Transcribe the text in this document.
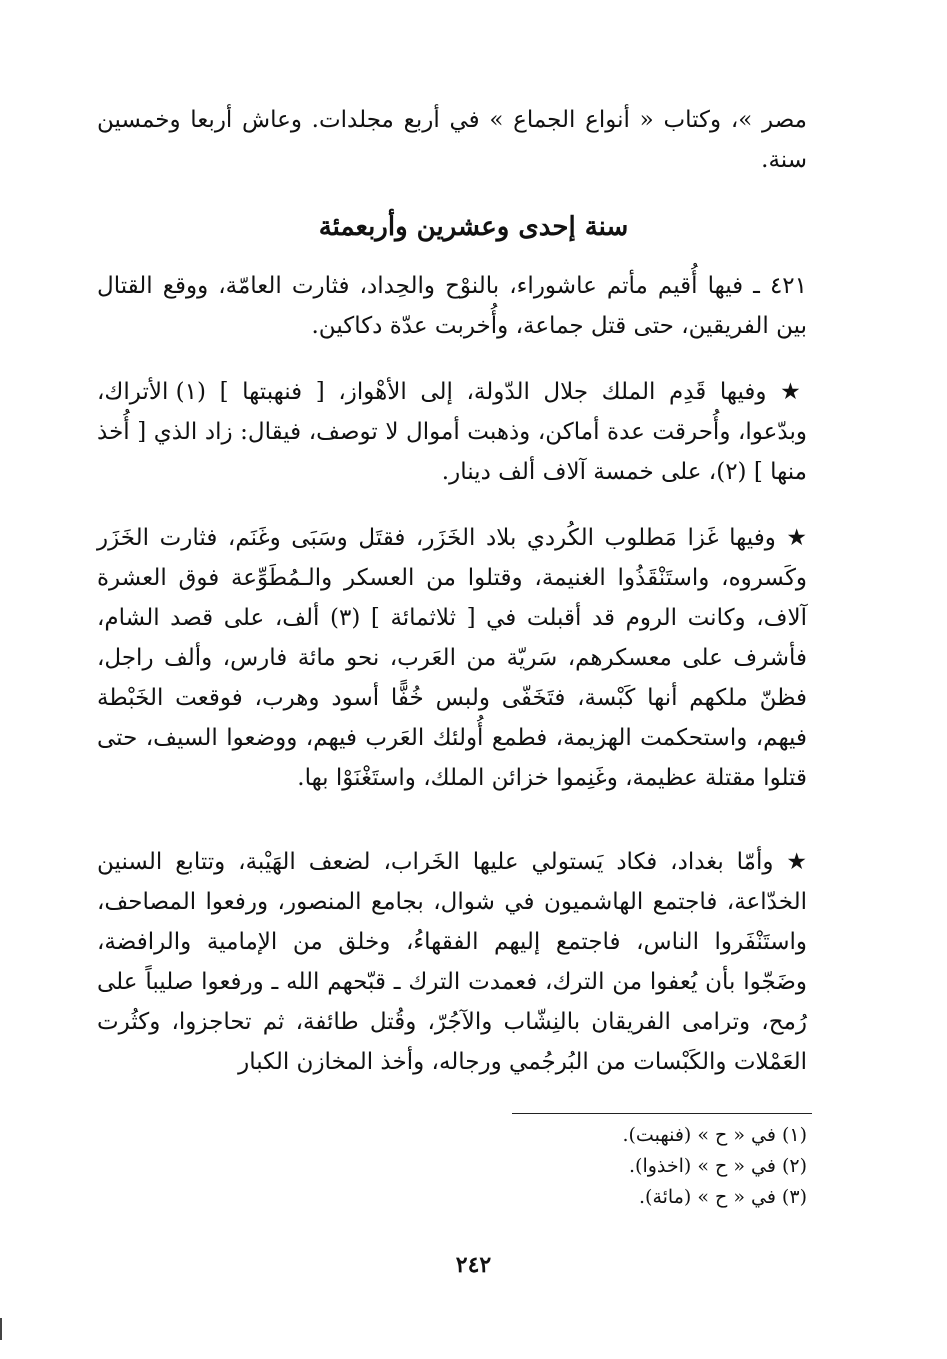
مصر »، وكتاب « أنواع الجماع » في أربع مجلدات. وعاش أربعا وخمسين سنة.

سنة إحدى وعشرين وأربعمئة

٤٢١ ـ فيها أُقيم مأتم عاشوراء، بالنوْح والحِداد، فثارت العامّة، ووقع القتال بين الفريقين، حتى قتل جماعة، وأُخربت عدّة دكاكين.

★ وفيها قَدِم الملك جلال الدّولة، إلى الأهْواز، [ فنهبتها ] (١) الأتراك، وبدّعوا، وأُحرقت عدة أماكن، وذهبت أموال لا توصف، فيقال: زاد الذي [ أُخذ منها ] (٢)، على خمسة آلاف ألف دينار.

★ وفيها غَزا مَطلوب الكُردي بلاد الخَزَر، فقتَل وسَبَى وغَنَم، فثارت الخَزَر وكَسروه، واستَنْقَذُوا الغنيمة، وقتلوا من العسكر والـمُطَوِّعة فوق العشرة آلاف، وكانت الروم قد أقبلت في [ ثلاثمائة ] (٣) ألف، على قصد الشام، فأشرف على معسكرهم، سَريّة من العَرب، نحو مائة فارس، وألف راجل، فظنّ ملكهم أنها كَبْسة، فتَخَفّى ولبس خُفًّا أسود وهرب، فوقعت الخَبْطة فيهم، واستحكمت الهزيمة، فطمع أُولئك العَرب فيهم، ووضعوا السيف، حتى قتلوا مقتلة عظيمة، وغَنِموا خزائن الملك، واستَغْنَوْا بها.

★ وأمّا بغداد، فكاد يَستولي عليها الخَراب، لضعف الهَيْبة، وتتابع السنين الخدّاعة، فاجتمع الهاشميون في شوال، بجامع المنصور، ورفعوا المصاحف، واستَنْفَروا الناس، فاجتمع إليهم الفقهاءُ، وخلق من الإمامية والرافضة، وضَجّوا بأن يُعفوا من الترك، فعمدت الترك ـ قبّحهم الله ـ ورفعوا صليباً على رُمح، وترامى الفريقان بالنِشّاب والآجُرّ، وقُتل طائفة، ثم تحاجزوا، وكثُرت العَمْلات والكَبْسات من البُرجُمي ورجاله، وأخذ المخازن الكبار

(١) في « ح » (فنهبت).
(٢) في « ح » (اخذوا).
(٣) في « ح » (مائة).
٢٤٢
